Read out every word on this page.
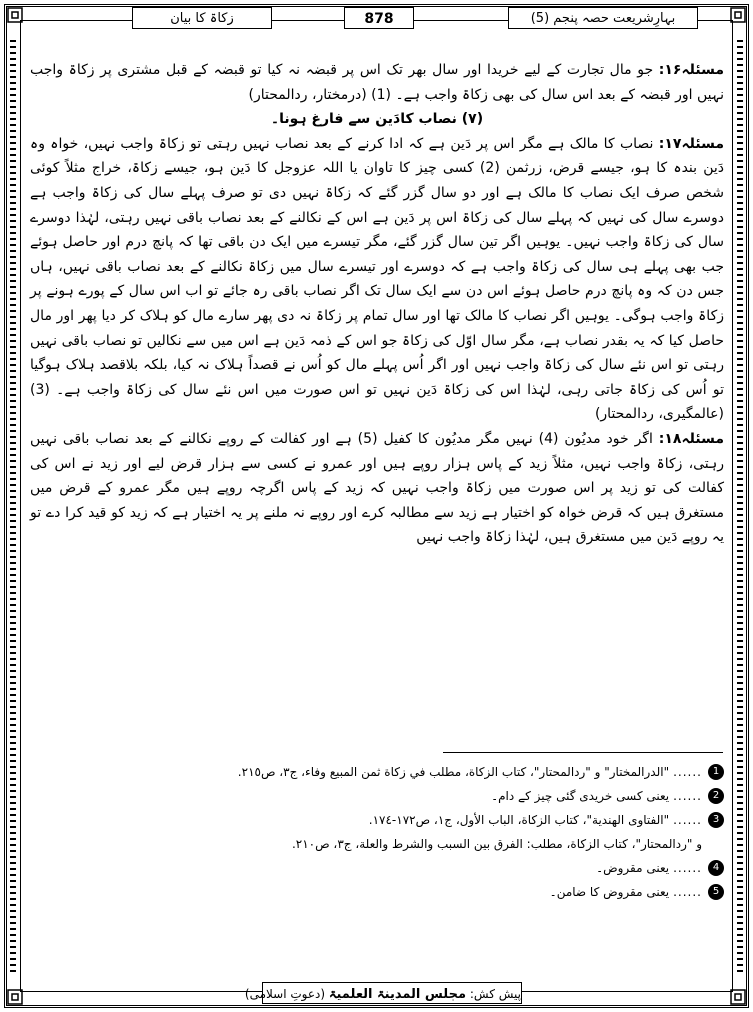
بہارِشریعت حصہ پنجم (5)
878
زکاۃ کا بیان

مسئلہ۱۶: جو مال تجارت کے لیے خریدا اور سال بھر تک اس پر قبضہ نہ کیا تو قبضہ کے قبل مشتری پر زکاۃ واجب نہیں اور قبضہ کے بعد اس سال کی بھی زکاۃ واجب ہے۔ (1) (درمختار، ردالمحتار)

(۷) نصاب کادَین سے فارغ ہونا۔

مسئلہ۱۷: نصاب کا مالک ہے مگر اس پر دَین ہے کہ ادا کرنے کے بعد نصاب نہیں رہتی تو زکاۃ واجب نہیں، خواہ وہ دَین بندہ کا ہو، جیسے قرض، زرثمن (2) کسی چیز کا تاوان یا اللہ عزوجل کا دَین ہو، جیسے زکاۃ، خراج مثلاً کوئی شخص صرف ایک نصاب کا مالک ہے اور دو سال گزر گئے کہ زکاۃ نہیں دی تو صرف پہلے سال کی زکاۃ واجب ہے دوسرے سال کی نہیں کہ پہلے سال کی زکاۃ اس پر دَین ہے اس کے نکالنے کے بعد نصاب باقی نہیں رہتی، لہٰذا دوسرے سال کی زکاۃ واجب نہیں۔ یوہیں اگر تین سال گزر گئے، مگر تیسرے میں ایک دن باقی تھا کہ پانچ درم اور حاصل ہوئے جب بھی پہلے ہی سال کی زکاۃ واجب ہے کہ دوسرے اور تیسرے سال میں زکاۃ نکالنے کے بعد نصاب باقی نہیں، ہاں جس دن کہ وہ پانچ درم حاصل ہوئے اس دن سے ایک سال تک اگر نصاب باقی رہ جائے تو اب اس سال کے پورے ہونے پر زکاۃ واجب ہوگی۔ یوہیں اگر نصاب کا مالک تھا اور سال تمام پر زکاۃ نہ دی پھر سارے مال کو ہلاک کر دیا پھر اور مال حاصل کیا کہ یہ بقدر نصاب ہے، مگر سال اوّل کی زکاۃ جو اس کے ذمہ دَین ہے اس میں سے نکالیں تو نصاب باقی نہیں رہتی تو اس نئے سال کی زکاۃ واجب نہیں اور اگر اُس پہلے مال کو اُس نے قصداً ہلاک نہ کیا، بلکہ بلاقصد ہلاک ہوگیا تو اُس کی زکاۃ جاتی رہی، لہٰذا اس کی زکاۃ دَین نہیں تو اس صورت میں اس نئے سال کی زکاۃ واجب ہے۔ (3) (عالمگیری، ردالمحتار)

مسئلہ۱۸: اگر خود مدیُون (4) نہیں مگر مدیُون کا کفیل (5) ہے اور کفالت کے روپے نکالنے کے بعد نصاب باقی نہیں رہتی، زکاۃ واجب نہیں، مثلاً زید کے پاس ہزار روپے ہیں اور عمرو نے کسی سے ہزار قرض لیے اور زید نے اس کی کفالت کی تو زید پر اس صورت میں زکاۃ واجب نہیں کہ زید کے پاس اگرچہ روپے ہیں مگر عمرو کے قرض میں مستغرق ہیں کہ قرض خواہ کو اختیار ہے زید سے مطالبہ کرے اور روپے نہ ملنے پر یہ اختیار ہے کہ زید کو قید کرا دے تو یہ روپے دَین میں مستغرق ہیں، لہٰذا زکاۃ واجب نہیں

1
......
"الدرالمختار" و "ردالمحتار"، كتاب الزكاة، مطلب في زكاة ثمن المبيع وفاء، ج٣، ص٢١٥.
2
......
یعنی کسی خریدی گئی چیز کے دام۔
3
......
"الفتاوى الهندية"، كتاب الزكاة، الباب الأول، ج١، ص١٧٢-١٧٤.
و "ردالمحتار"، كتاب الزكاة، مطلب: الفرق بين السبب والشرط والعلة، ج٣، ص٢١٠.
4
......
یعنی مقروض۔
5
......
یعنی مقروض کا ضامن۔
پیش کش: مجلس المدینۃ العلمیۃ (دعوتِ اسلامی)
